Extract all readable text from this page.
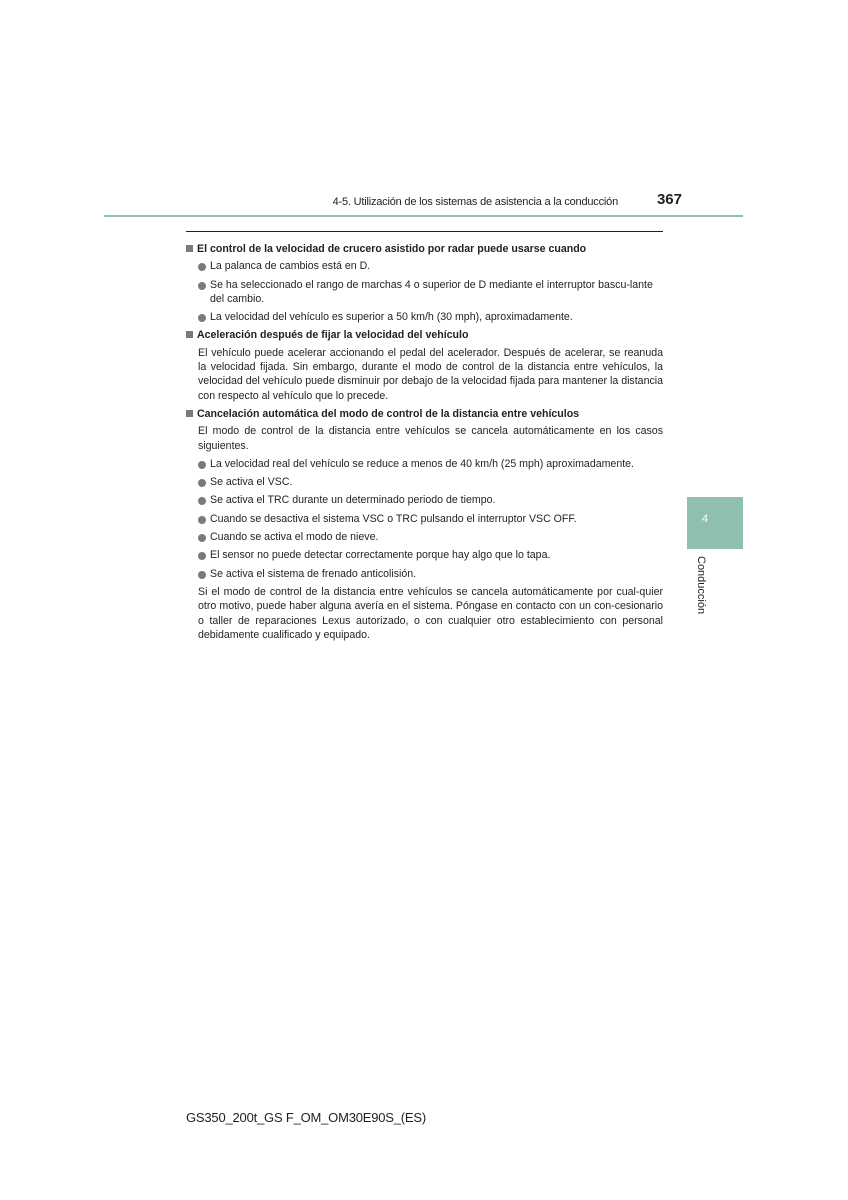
4-5. Utilización de los sistemas de asistencia a la conducción	367
El control de la velocidad de crucero asistido por radar puede usarse cuando
La palanca de cambios está en D.
Se ha seleccionado el rango de marchas 4 o superior de D mediante el interruptor bascu-lante del cambio.
La velocidad del vehículo es superior a 50 km/h (30 mph), aproximadamente.
Aceleración después de fijar la velocidad del vehículo
El vehículo puede acelerar accionando el pedal del acelerador. Después de acelerar, se reanuda la velocidad fijada. Sin embargo, durante el modo de control de la distancia entre vehículos, la velocidad del vehículo puede disminuir por debajo de la velocidad fijada para mantener la distancia con respecto al vehículo que lo precede.
Cancelación automática del modo de control de la distancia entre vehículos
El modo de control de la distancia entre vehículos se cancela automáticamente en los casos siguientes.
La velocidad real del vehículo se reduce a menos de 40 km/h (25 mph) aproximadamente.
Se activa el VSC.
Se activa el TRC durante un determinado periodo de tiempo.
Cuando se desactiva el sistema VSC o TRC pulsando el interruptor VSC OFF.
Cuando se activa el modo de nieve.
El sensor no puede detectar correctamente porque hay algo que lo tapa.
Se activa el sistema de frenado anticolisión.
Si el modo de control de la distancia entre vehículos se cancela automáticamente por cual-quier otro motivo, puede haber alguna avería en el sistema. Póngase en contacto con un con-cesionario o taller de reparaciones Lexus autorizado, o con cualquier otro establecimiento con personal debidamente cualificado y equipado.
4
Conducción
GS350_200t_GS F_OM_OM30E90S_(ES)
